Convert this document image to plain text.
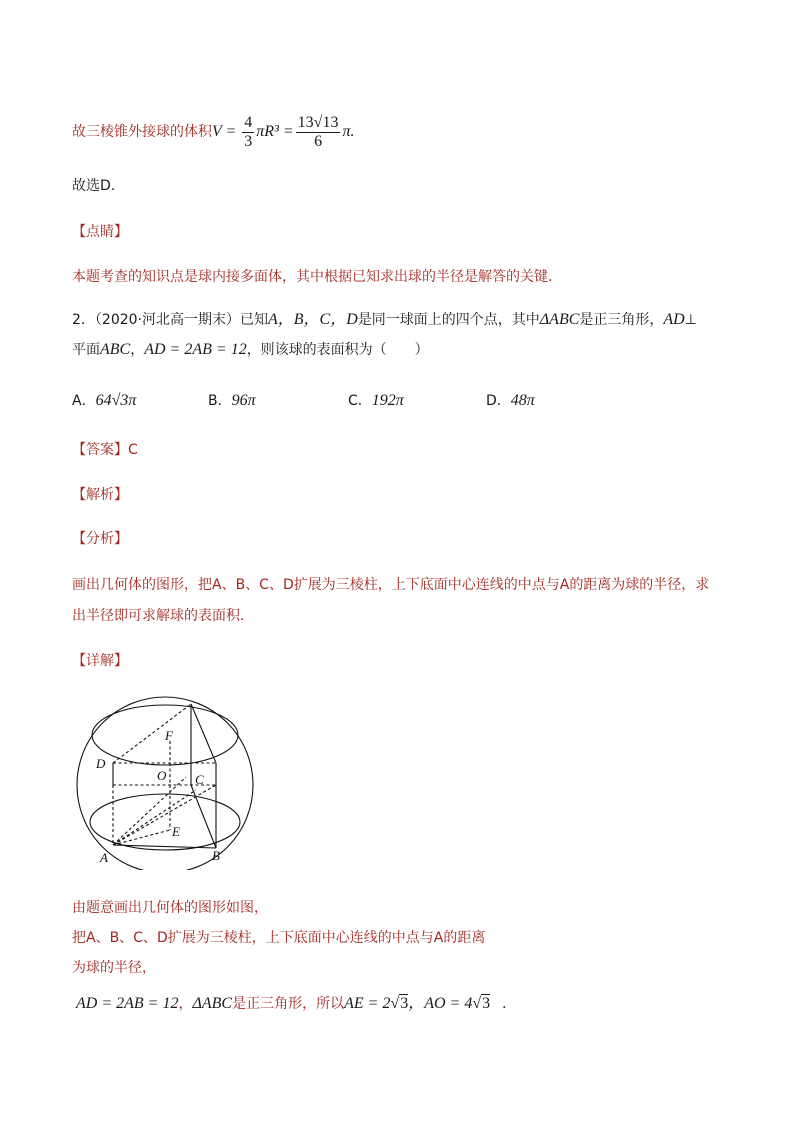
故三棱锥外接球的体积$V = \frac{4}{3} \pi R^3 = \frac{13√13}{6} \pi$.
故选D.
【点睛】
本题考查的知识点是球内接多面体，其中根据已知求出球的半径是解答的关键．
2．（2020·河北高一期末）已知A，B，C，D是同一球面上的四个点，其中ΔABC是正三角形，AD⊥
平面ABC，AD = 2AB = 12，则该球的表面积为（　　）
A．64√3π	B．96π	C．192π	D．48π
【答案】C
【解析】
【分析】
画出几何体的图形，把A、B、C、D扩展为三棱柱，上下底面中心连线的中点与A的距离为球的半径，求
出半径即可求解球的表面积．
【详解】
D
F
O C
E
A	B
由题意画出几何体的图形如图，
把A、B、C、D扩展为三棱柱，上下底面中心连线的中点与A的距离
为球的半径，
AD = 2AB = 12，ΔABC是正三角形，所以AE = 2√3，AO = 4√3 ．
